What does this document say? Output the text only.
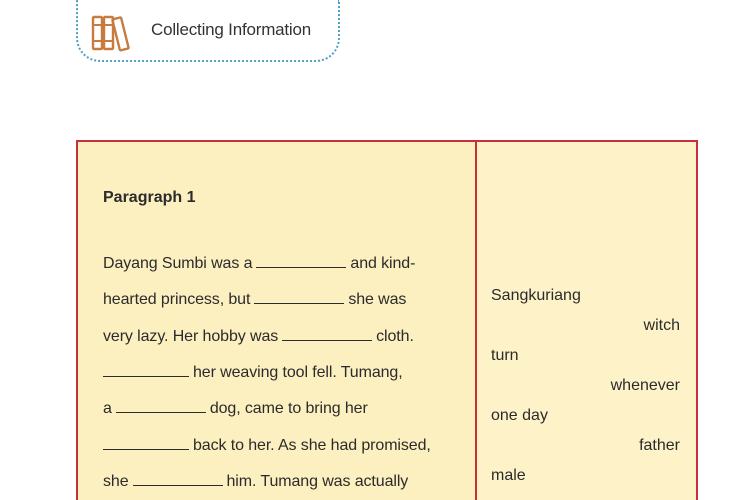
Collecting Information
Paragraph 1
Dayang Sumbi was a	and kind-
hearted princess, but	she was
very lazy. Her hobby was	cloth.
her weaving tool fell. Tumang,
a	dog, came to bring her
back to her. As she had promised,
she	him. Tumang was actually
Sangkuriang
witch
turn
whenever
one day
father
male
